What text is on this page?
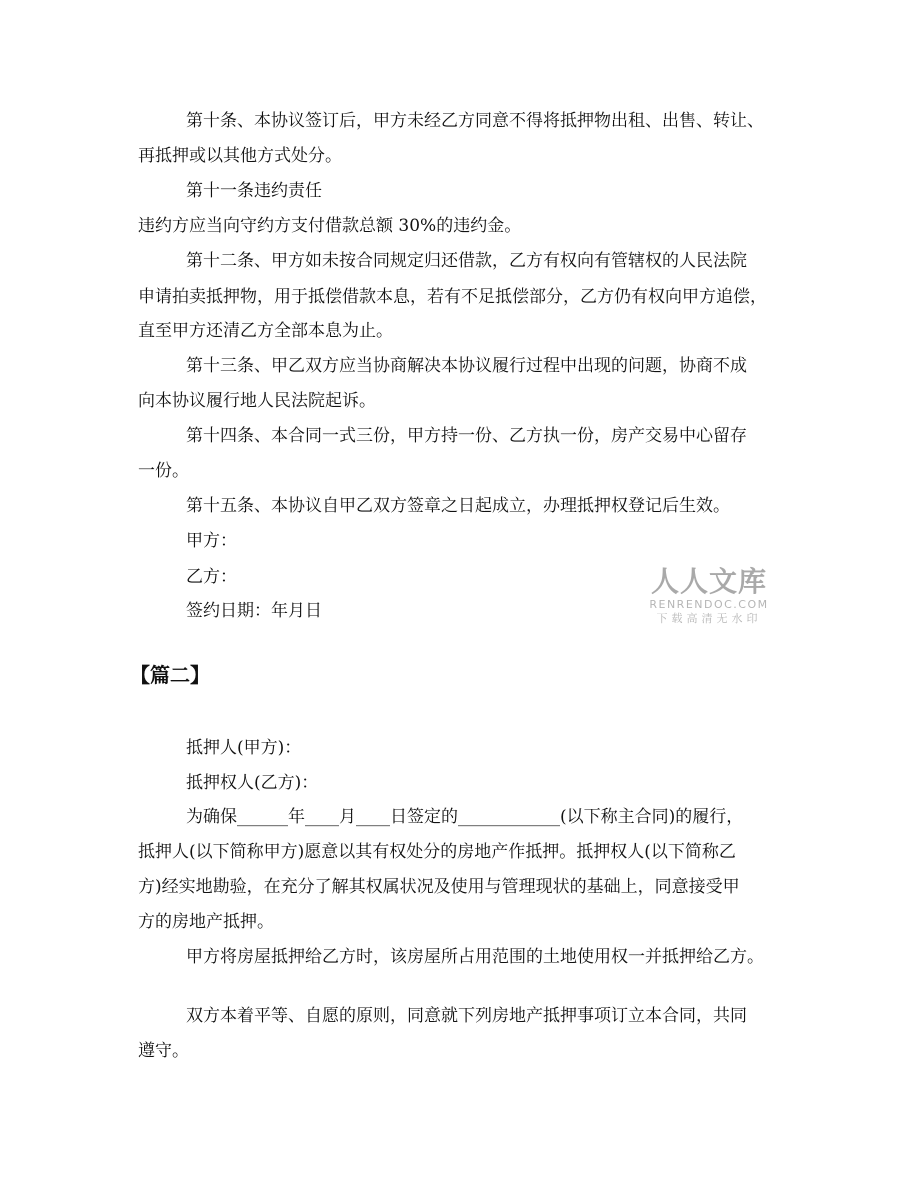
第十条、本协议签订后，甲方未经乙方同意不得将抵押物出租、出售、转让、
再抵押或以其他方式处分。
第十一条违约责任
违约方应当向守约方支付借款总额 30%的违约金。
第十二条、甲方如未按合同规定归还借款，乙方有权向有管辖权的人民法院
申请拍卖抵押物，用于抵偿借款本息，若有不足抵偿部分，乙方仍有权向甲方追偿，
直至甲方还清乙方全部本息为止。
第十三条、甲乙双方应当协商解决本协议履行过程中出现的问题，协商不成
向本协议履行地人民法院起诉。
第十四条、本合同一式三份，甲方持一份、乙方执一份，房产交易中心留存
一份。
第十五条、本协议自甲乙双方签章之日起成立，办理抵押权登记后生效。
甲方：
乙方：
签约日期：年月日
人人文库
RENRENDOC.COM
下载高清无水印
【篇二】
抵押人(甲方)：
抵押权人(乙方)：
为确保______年____月____日签定的____________(以下称主合同)的履行，
抵押人(以下简称甲方)愿意以其有权处分的房地产作抵押。抵押权人(以下简称乙
方)经实地勘验，在充分了解其权属状况及使用与管理现状的基础上，同意接受甲
方的房地产抵押。
甲方将房屋抵押给乙方时，该房屋所占用范围的土地使用权一并抵押给乙方。
双方本着平等、自愿的原则，同意就下列房地产抵押事项订立本合同，共同
遵守。
